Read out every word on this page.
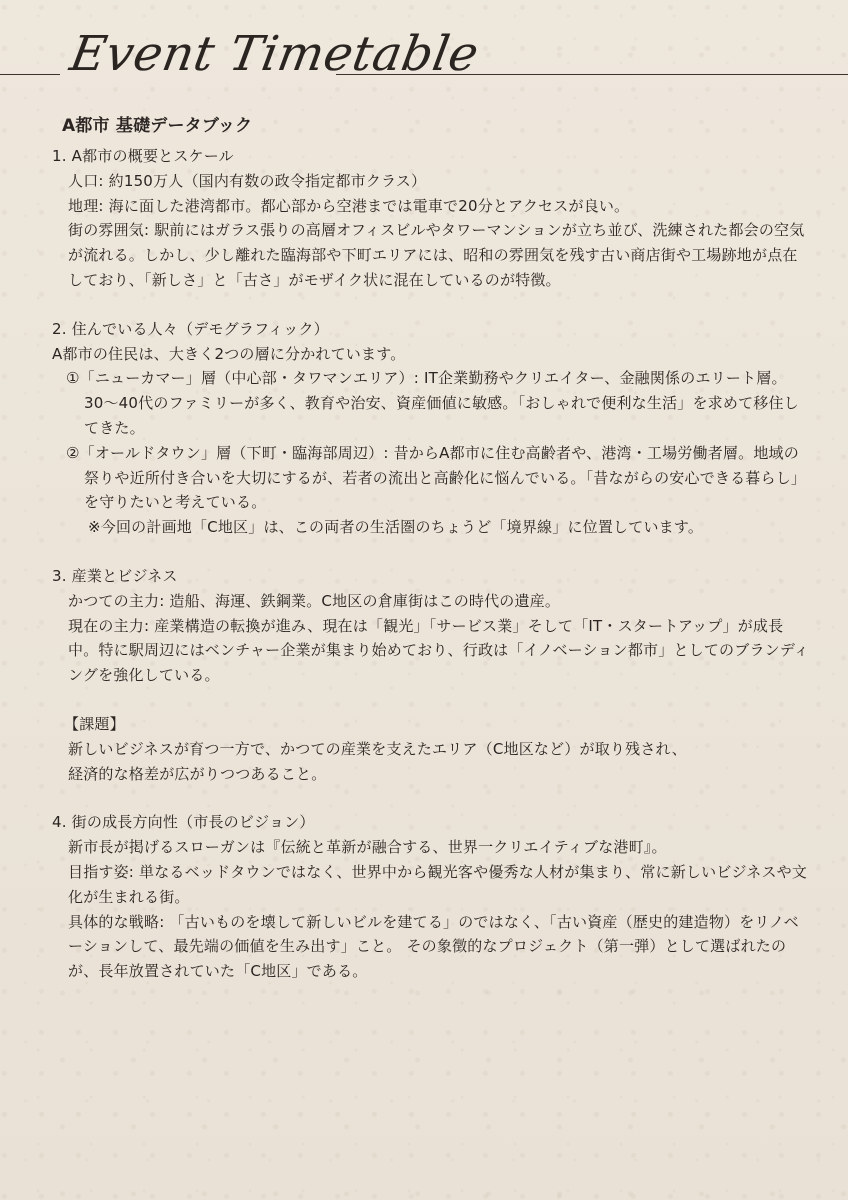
Event Timetable
A都市 基礎データブック
1. A都市の概要とスケール
人口: 約150万人（国内有数の政令指定都市クラス）
地理: 海に面した港湾都市。都心部から空港までは電車で20分とアクセスが良い。
街の雰囲気: 駅前にはガラス張りの高層オフィスビルやタワーマンションが立ち並び、洗練された都会の空気が流れる。しかし、少し離れた臨海部や下町エリアには、昭和の雰囲気を残す古い商店街や工場跡地が点在しており、「新しさ」と「古さ」がモザイク状に混在しているのが特徴。
2. 住んでいる人々（デモグラフィック）
A都市の住民は、大きく2つの層に分かれています。
①「ニューカマー」層（中心部・タワマンエリア）: IT企業勤務やクリエイター、金融関係のエリート層。30〜40代のファミリーが多く、教育や治安、資産価値に敏感。「おしゃれで便利な生活」を求めて移住してきた。
②「オールドタウン」層（下町・臨海部周辺）: 昔からA都市に住む高齢者や、港湾・工場労働者層。地域の祭りや近所付き合いを大切にするが、若者の流出と高齢化に悩んでいる。「昔ながらの安心できる暮らし」を守りたいと考えている。
※今回の計画地「C地区」は、この両者の生活圏のちょうど「境界線」に位置しています。
3. 産業とビジネス
かつての主力: 造船、海運、鉄鋼業。C地区の倉庫街はこの時代の遺産。
現在の主力: 産業構造の転換が進み、現在は「観光」「サービス業」そして「IT・スタートアップ」が成長中。特に駅周辺にはベンチャー企業が集まり始めており、行政は「イノベーション都市」としてのブランディングを強化している。
【課題】
新しいビジネスが育つ一方で、かつての産業を支えたエリア（C地区など）が取り残され、
経済的な格差が広がりつつあること。
4. 街の成長方向性（市長のビジョン）
新市長が掲げるスローガンは『伝統と革新が融合する、世界一クリエイティブな港町』。
目指す姿: 単なるベッドタウンではなく、世界中から観光客や優秀な人材が集まり、常に新しいビジネスや文化が生まれる街。
具体的な戦略: 「古いものを壊して新しいビルを建てる」のではなく、「古い資産（歴史的建造物）をリノベーションして、最先端の価値を生み出す」こと。 その象徴的なプロジェクト（第一弾）として選ばれたのが、長年放置されていた「C地区」である。
